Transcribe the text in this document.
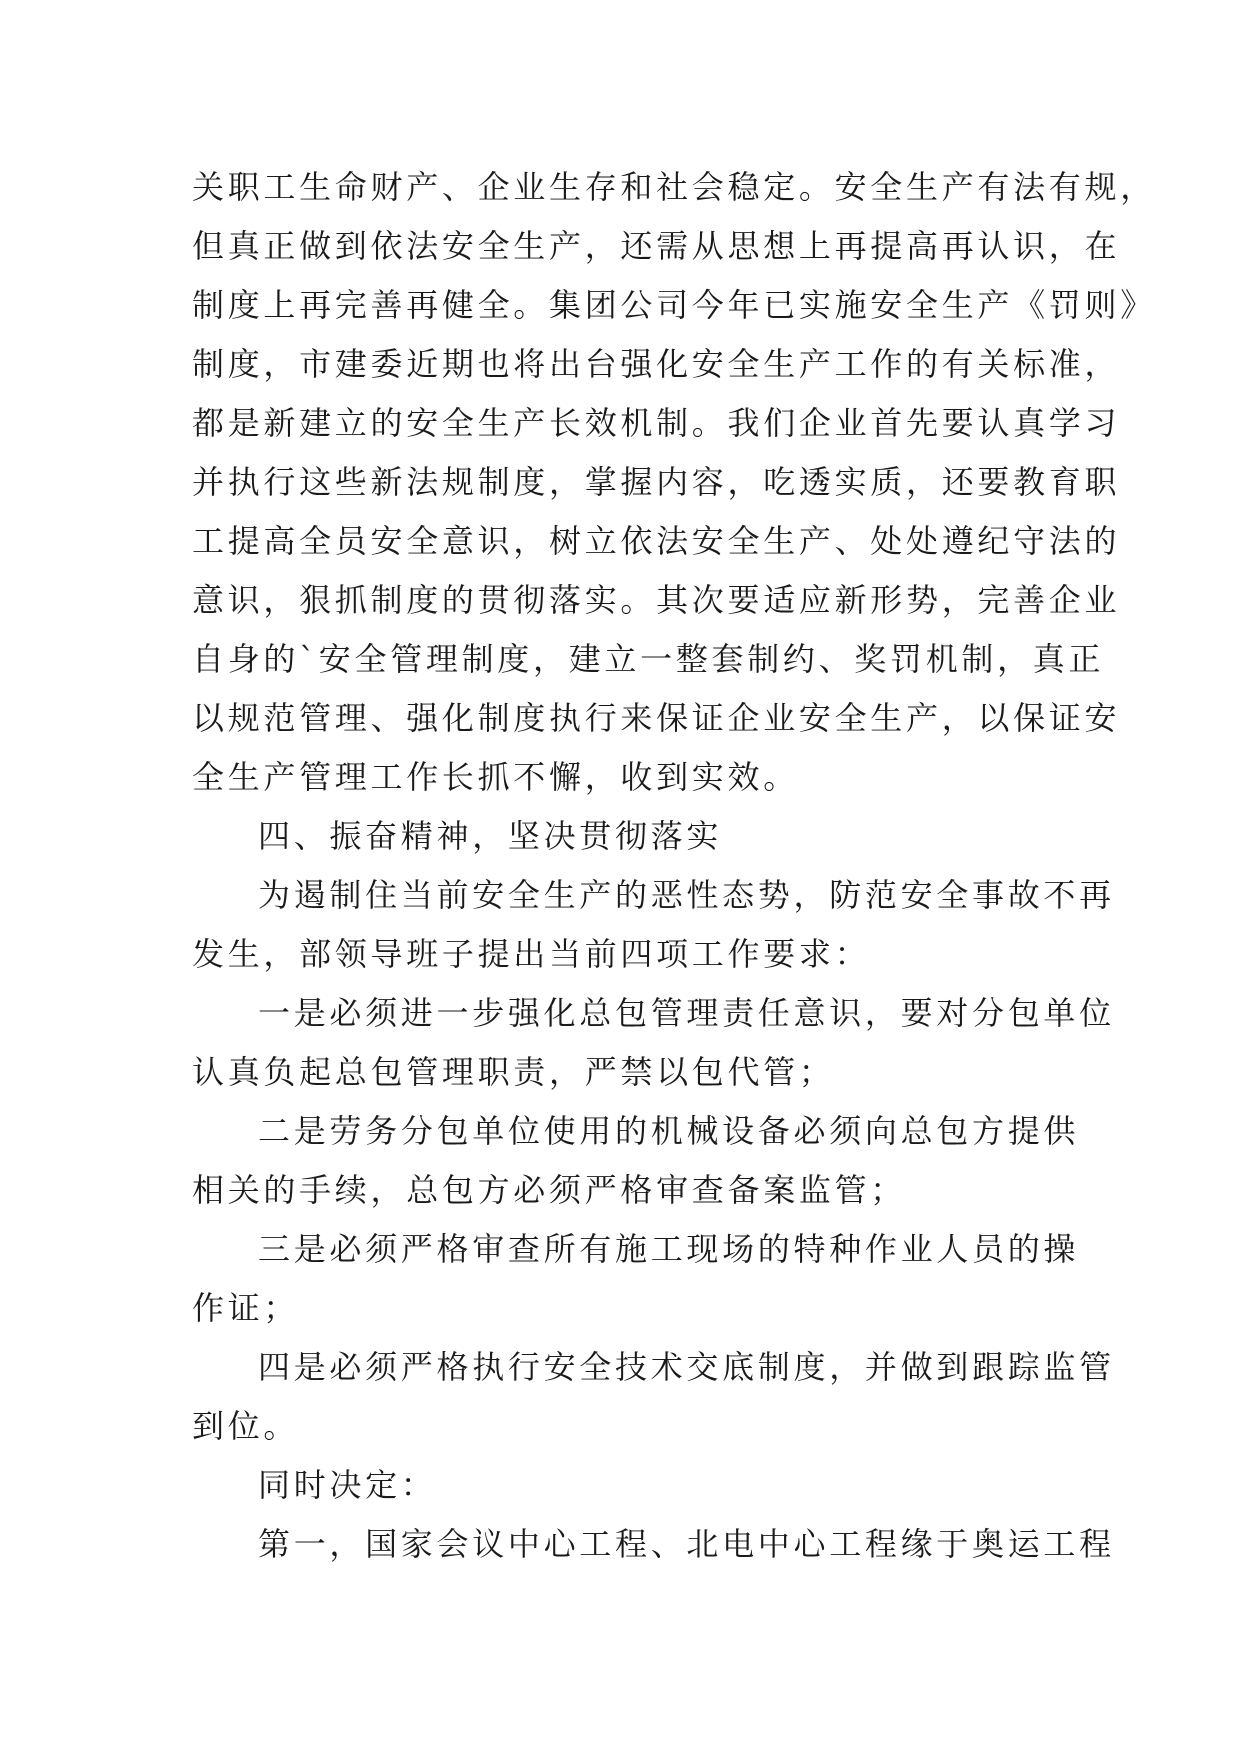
关职工生命财产、企业生存和社会稳定。安全生产有法有规，
但真正做到依法安全生产，还需从思想上再提高再认识，在
制度上再完善再健全。集团公司今年已实施安全生产《罚则》
制度，市建委近期也将出台强化安全生产工作的有关标准，
都是新建立的安全生产长效机制。我们企业首先要认真学习
并执行这些新法规制度，掌握内容，吃透实质，还要教育职
工提高全员安全意识，树立依法安全生产、处处遵纪守法的
意识，狠抓制度的贯彻落实。其次要适应新形势，完善企业
自身的`安全管理制度，建立一整套制约、奖罚机制，真正
以规范管理、强化制度执行来保证企业安全生产，以保证安
全生产管理工作长抓不懈，收到实效。
四、振奋精神，坚决贯彻落实
为遏制住当前安全生产的恶性态势，防范安全事故不再
发生，部领导班子提出当前四项工作要求：
一是必须进一步强化总包管理责任意识，要对分包单位
认真负起总包管理职责，严禁以包代管；
二是劳务分包单位使用的机械设备必须向总包方提供
相关的手续，总包方必须严格审查备案监管；
三是必须严格审查所有施工现场的特种作业人员的操
作证；
四是必须严格执行安全技术交底制度，并做到跟踪监管
到位。
同时决定：
第一，国家会议中心工程、北电中心工程缘于奥运工程
